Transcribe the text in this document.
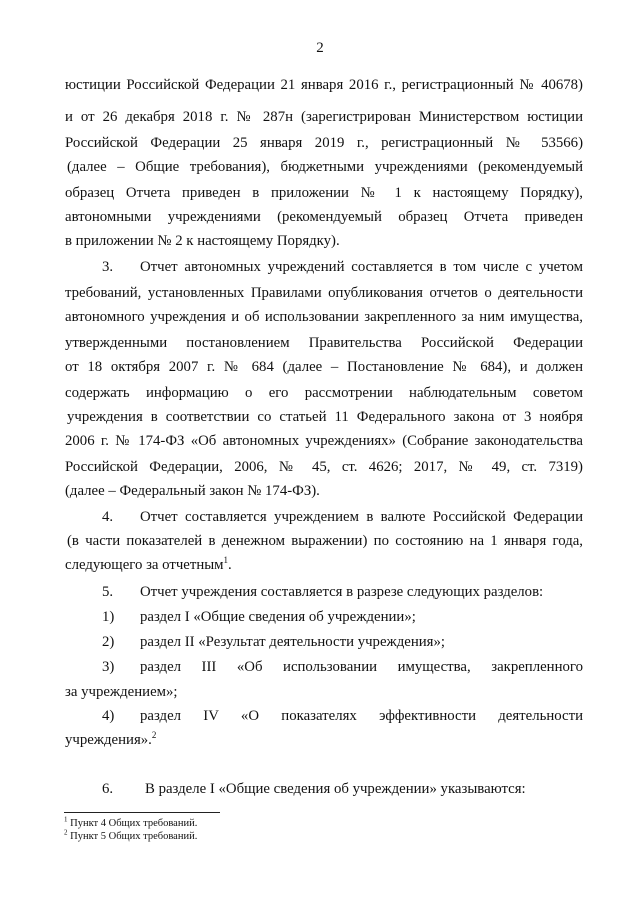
2
юстиции Российской Федерации 21 января 2016 г., регистрационный № 40678)
и от 26 декабря 2018 г. № 287н (зарегистрирован Министерством юстиции
Российской Федерации 25 января 2019 г., регистрационный № 53566)
(далее – Общие требования), бюджетными учреждениями (рекомендуемый
образец Отчета приведен в приложении № 1 к настоящему Порядку),
автономными учреждениями (рекомендуемый образец Отчета приведен
в приложении № 2 к настоящему Порядку).
3. Отчет автономных учреждений составляется в том числе с учетом
требований, установленных Правилами опубликования отчетов о деятельности
автономного учреждения и об использовании закрепленного за ним имущества,
утвержденными постановлением Правительства Российской Федерации
от 18 октября 2007 г. № 684 (далее – Постановление № 684), и должен
содержать информацию о его рассмотрении наблюдательным советом
учреждения в соответствии со статьей 11 Федерального закона от 3 ноября
2006 г. № 174-ФЗ «Об автономных учреждениях» (Собрание законодательства
Российской Федерации, 2006, № 45, ст. 4626; 2017, № 49, ст. 7319)
(далее – Федеральный закон № 174-ФЗ).
4. Отчет составляется учреждением в валюте Российской Федерации
(в части показателей в денежном выражении) по состоянию на 1 января года,
следующего за отчетным$^1$.
5. Отчет учреждения составляется в разрезе следующих разделов:
1) раздел I «Общие сведения об учреждении»;
2) раздел II «Результат деятельности учреждения»;
3) раздел III «Об использовании имущества, закрепленного
за учреждением»;
4) раздел IV «О показателях эффективности деятельности
учреждения».$^2$
6. В разделе I «Общие сведения об учреждении» указываются:
$^1$ Пункт 4 Общих требований.
$^2$ Пункт 5 Общих требований.
